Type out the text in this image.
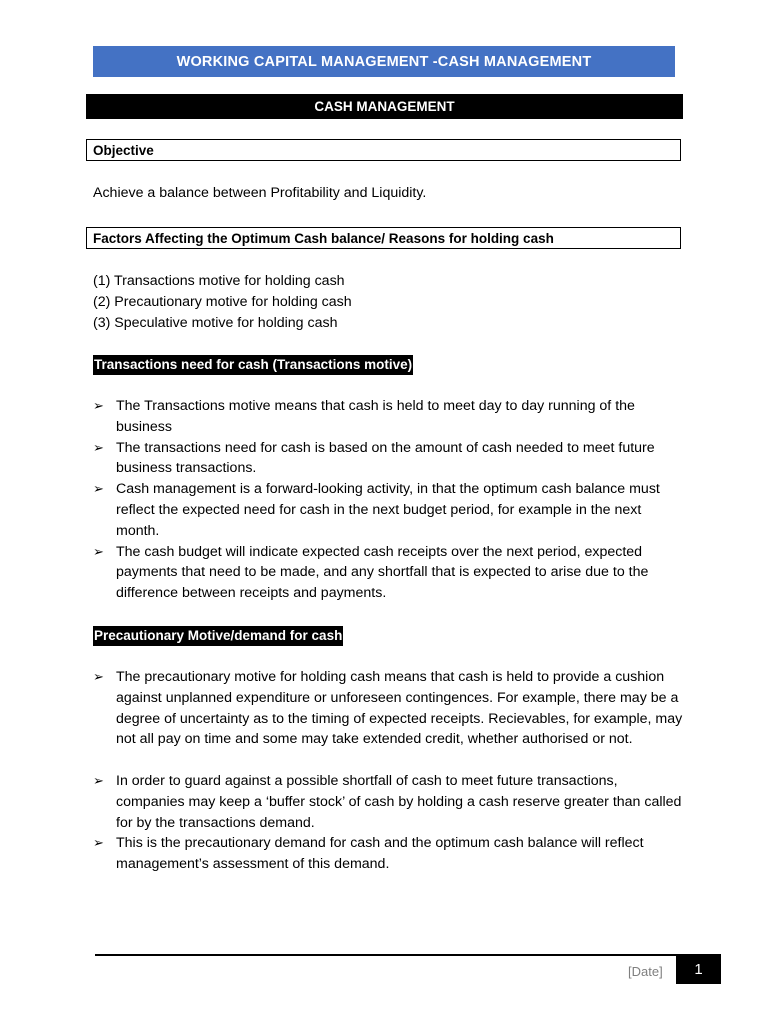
WORKING CAPITAL MANAGEMENT -CASH MANAGEMENT
CASH MANAGEMENT
Objective
Achieve a balance between Profitability and Liquidity.
Factors Affecting the Optimum Cash balance/ Reasons for holding cash
(1) Transactions motive for holding cash
(2) Precautionary motive for holding cash
(3) Speculative motive for holding cash
Transactions need for cash (Transactions motive)
➢ The Transactions motive means that cash is held to meet day to day running of the business
➢ The transactions need for cash is based on the amount of cash needed to meet future business transactions.
➢ Cash management is a forward-looking activity, in that the optimum cash balance must reflect the expected need for cash in the next budget period, for example in the next month.
➢ The cash budget will indicate expected cash receipts over the next period, expected payments that need to be made, and any shortfall that is expected to arise due to the difference between receipts and payments.
Precautionary Motive/demand for cash
➢ The precautionary motive for holding cash means that cash is held to provide a cushion against unplanned expenditure or unforeseen contingences. For example, there may be a degree of uncertainty as to the timing of expected receipts. Recievables, for example, may not all pay on time and some may take extended credit, whether authorised or not.
➢ In order to guard against a possible shortfall of cash to meet future transactions, companies may keep a ‘buffer stock’ of cash by holding a cash reserve greater than called for by the transactions demand.
➢ This is the precautionary demand for cash and the optimum cash balance will reflect management’s assessment of this demand.
[Date]	1
